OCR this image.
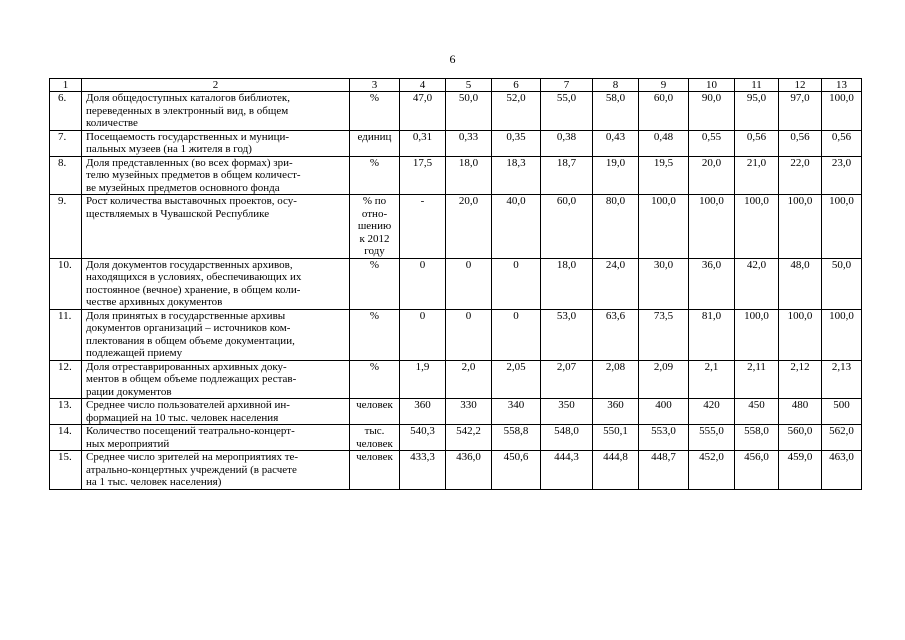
6
1	2	3	4	5	6	7	8	9	10	11	12	13
6.	Доля общедоступных каталогов библиотек,
переведенных в электронный вид, в общем
количестве	%	47,0	50,0	52,0	55,0	58,0	60,0	90,0	95,0	97,0	100,0
7.	Посещаемость государственных и муници-
пальных музеев (на 1 жителя в год)	единиц	0,31	0,33	0,35	0,38	0,43	0,48	0,55	0,56	0,56	0,56
8.	Доля представленных (во всех формах) зри-
телю музейных предметов в общем количест-
ве музейных предметов основного фонда	%	17,5	18,0	18,3	18,7	19,0	19,5	20,0	21,0	22,0	23,0
9.	Рост количества выставочных проектов, осу-
ществляемых в Чувашской Республике	% по
отно-
шению
к 2012
году	-	20,0	40,0	60,0	80,0	100,0	100,0	100,0	100,0	100,0
10.	Доля документов государственных архивов,
находящихся в условиях, обеспечивающих их
постоянное (вечное) хранение, в общем коли-
честве архивных документов	%	0	0	0	18,0	24,0	30,0	36,0	42,0	48,0	50,0
11.	Доля принятых в государственные архивы
документов организаций – источников ком-
плектования в общем объеме документации,
подлежащей приему	%	0	0	0	53,0	63,6	73,5	81,0	100,0	100,0	100,0
12.	Доля отреставрированных архивных доку-
ментов в общем объеме подлежащих рестав-
рации документов	%	1,9	2,0	2,05	2,07	2,08	2,09	2,1	2,11	2,12	2,13
13.	Среднее число пользователей архивной ин-
формацией на 10 тыс. человек населения	человек	360	330	340	350	360	400	420	450	480	500
14.	Количество посещений театрально-концерт-
ных мероприятий	тыс.
человек	540,3	542,2	558,8	548,0	550,1	553,0	555,0	558,0	560,0	562,0
15.	Среднее число зрителей на мероприятиях те-
атрально-концертных учреждений (в расчете
на 1 тыс. человек населения)	человек	433,3	436,0	450,6	444,3	444,8	448,7	452,0	456,0	459,0	463,0
